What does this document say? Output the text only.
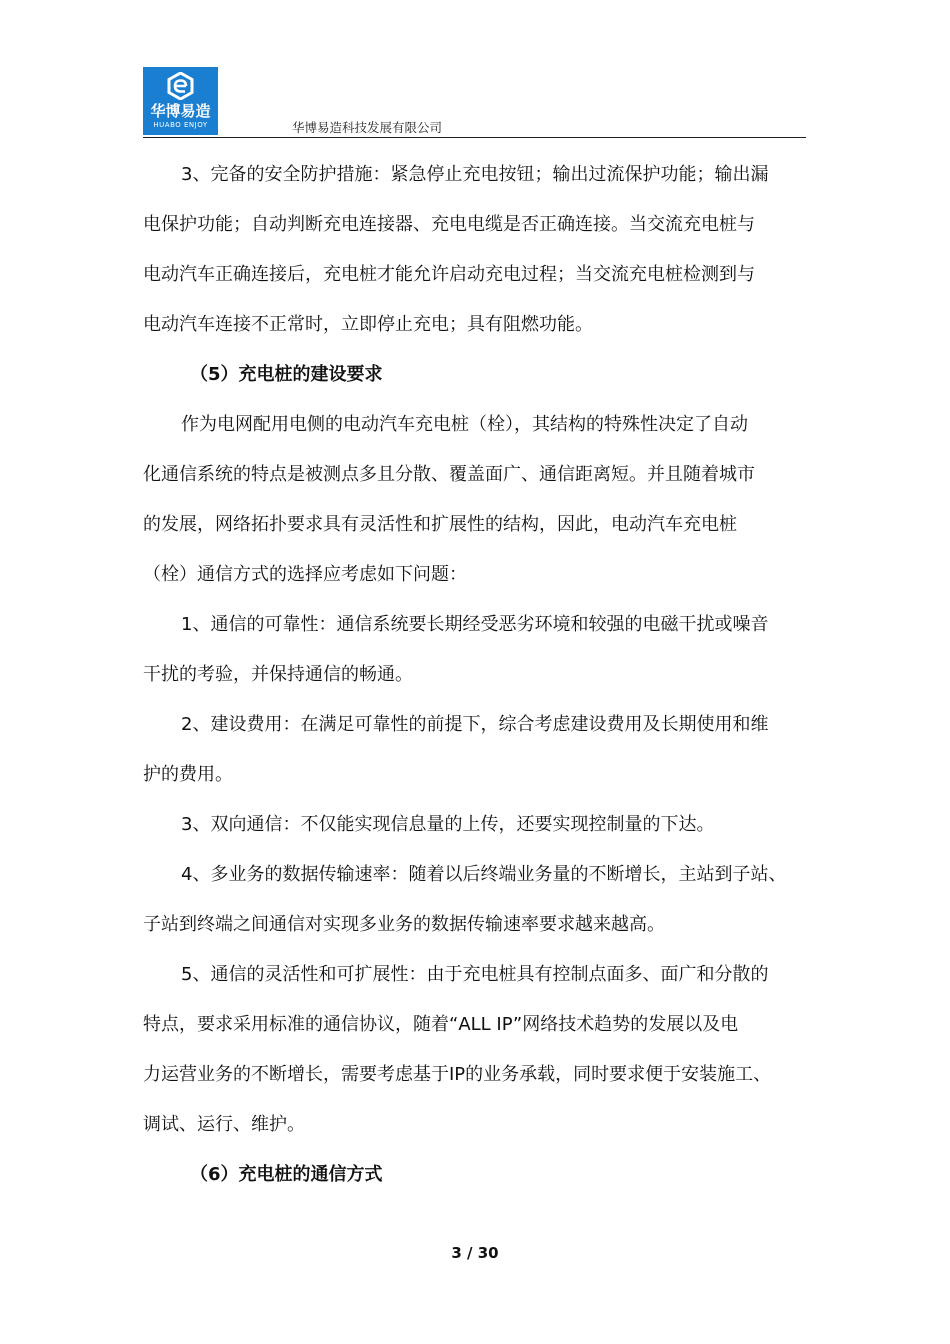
华博易造
HUABO ENJOY	华博易造科技发展有限公司

3、完备的安全防护措施：紧急停止充电按钮；输出过流保护功能；输出漏

电保护功能；自动判断充电连接器、充电电缆是否正确连接。当交流充电桩与

电动汽车正确连接后，充电桩才能允许启动充电过程；当交流充电桩检测到与

电动汽车连接不正常时，立即停止充电；具有阻燃功能。

（5）充电桩的建设要求

作为电网配用电侧的电动汽车充电桩（栓），其结构的特殊性决定了自动

化通信系统的特点是被测点多且分散、覆盖面广、通信距离短。并且随着城市

的发展，网络拓扑要求具有灵活性和扩展性的结构，因此，电动汽车充电桩

（栓）通信方式的选择应考虑如下问题：

1、通信的可靠性：通信系统要长期经受恶劣环境和较强的电磁干扰或噪音

干扰的考验，并保持通信的畅通。

2、建设费用：在满足可靠性的前提下，综合考虑建设费用及长期使用和维

护的费用。

3、双向通信：不仅能实现信息量的上传，还要实现控制量的下达。

4、多业务的数据传输速率：随着以后终端业务量的不断增长，主站到子站、

子站到终端之间通信对实现多业务的数据传输速率要求越来越高。

5、通信的灵活性和可扩展性：由于充电桩具有控制点面多、面广和分散的

特点，要求采用标准的通信协议，随着“ALL IP”网络技术趋势的发展以及电

力运营业务的不断增长，需要考虑基于IP的业务承载，同时要求便于安装施工、

调试、运行、维护。

（6）充电桩的通信方式

3 / 30
